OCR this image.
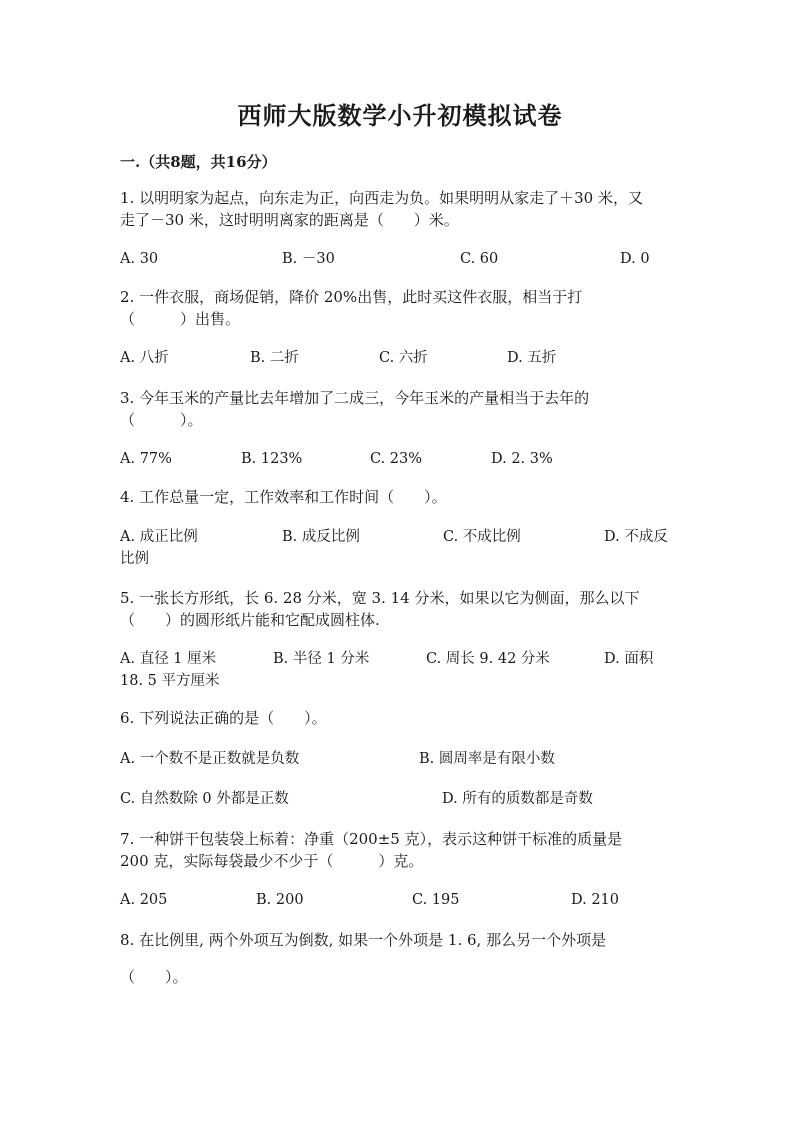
西师大版数学小升初模拟试卷
一.（共8题，共16分）
1. 以明明家为起点，向东走为正，向西走为负。如果明明从家走了＋30 米，又
走了－30 米，这时明明离家的距离是（　　）米。
A. 30	B. －30	C. 60	D. 0
2. 一件衣服，商场促销，降价 20%出售，此时买这件衣服，相当于打
（　　　）出售。
A. 八折	B. 二折	C. 六折	D. 五折
3. 今年玉米的产量比去年增加了二成三，今年玉米的产量相当于去年的
（　　　）。
A. 77%	B. 123%	C. 23%	D. 2. 3%
4. 工作总量一定，工作效率和工作时间（　　）。
A. 成正比例	B. 成反比例	C. 不成比例	D. 不成反
比例
5. 一张长方形纸，长 6. 28 分米，宽 3. 14 分米，如果以它为侧面，那么以下
（　　）的圆形纸片能和它配成圆柱体.
A. 直径 1 厘米	B. 半径 1 分米	C. 周长 9. 42 分米	D. 面积
18. 5 平方厘米
6. 下列说法正确的是（　　）。
A. 一个数不是正数就是负数	B. 圆周率是有限小数
C. 自然数除 0 外都是正数	D. 所有的质数都是奇数
7. 一种饼干包装袋上标着：净重（200±5 克），表示这种饼干标准的质量是
200 克，实际每袋最少不少于（　　　）克。
A. 205	B. 200	C. 195	D. 210
8. 在比例里, 两个外项互为倒数, 如果一个外项是 1. 6, 那么另一个外项是
（　　）。
